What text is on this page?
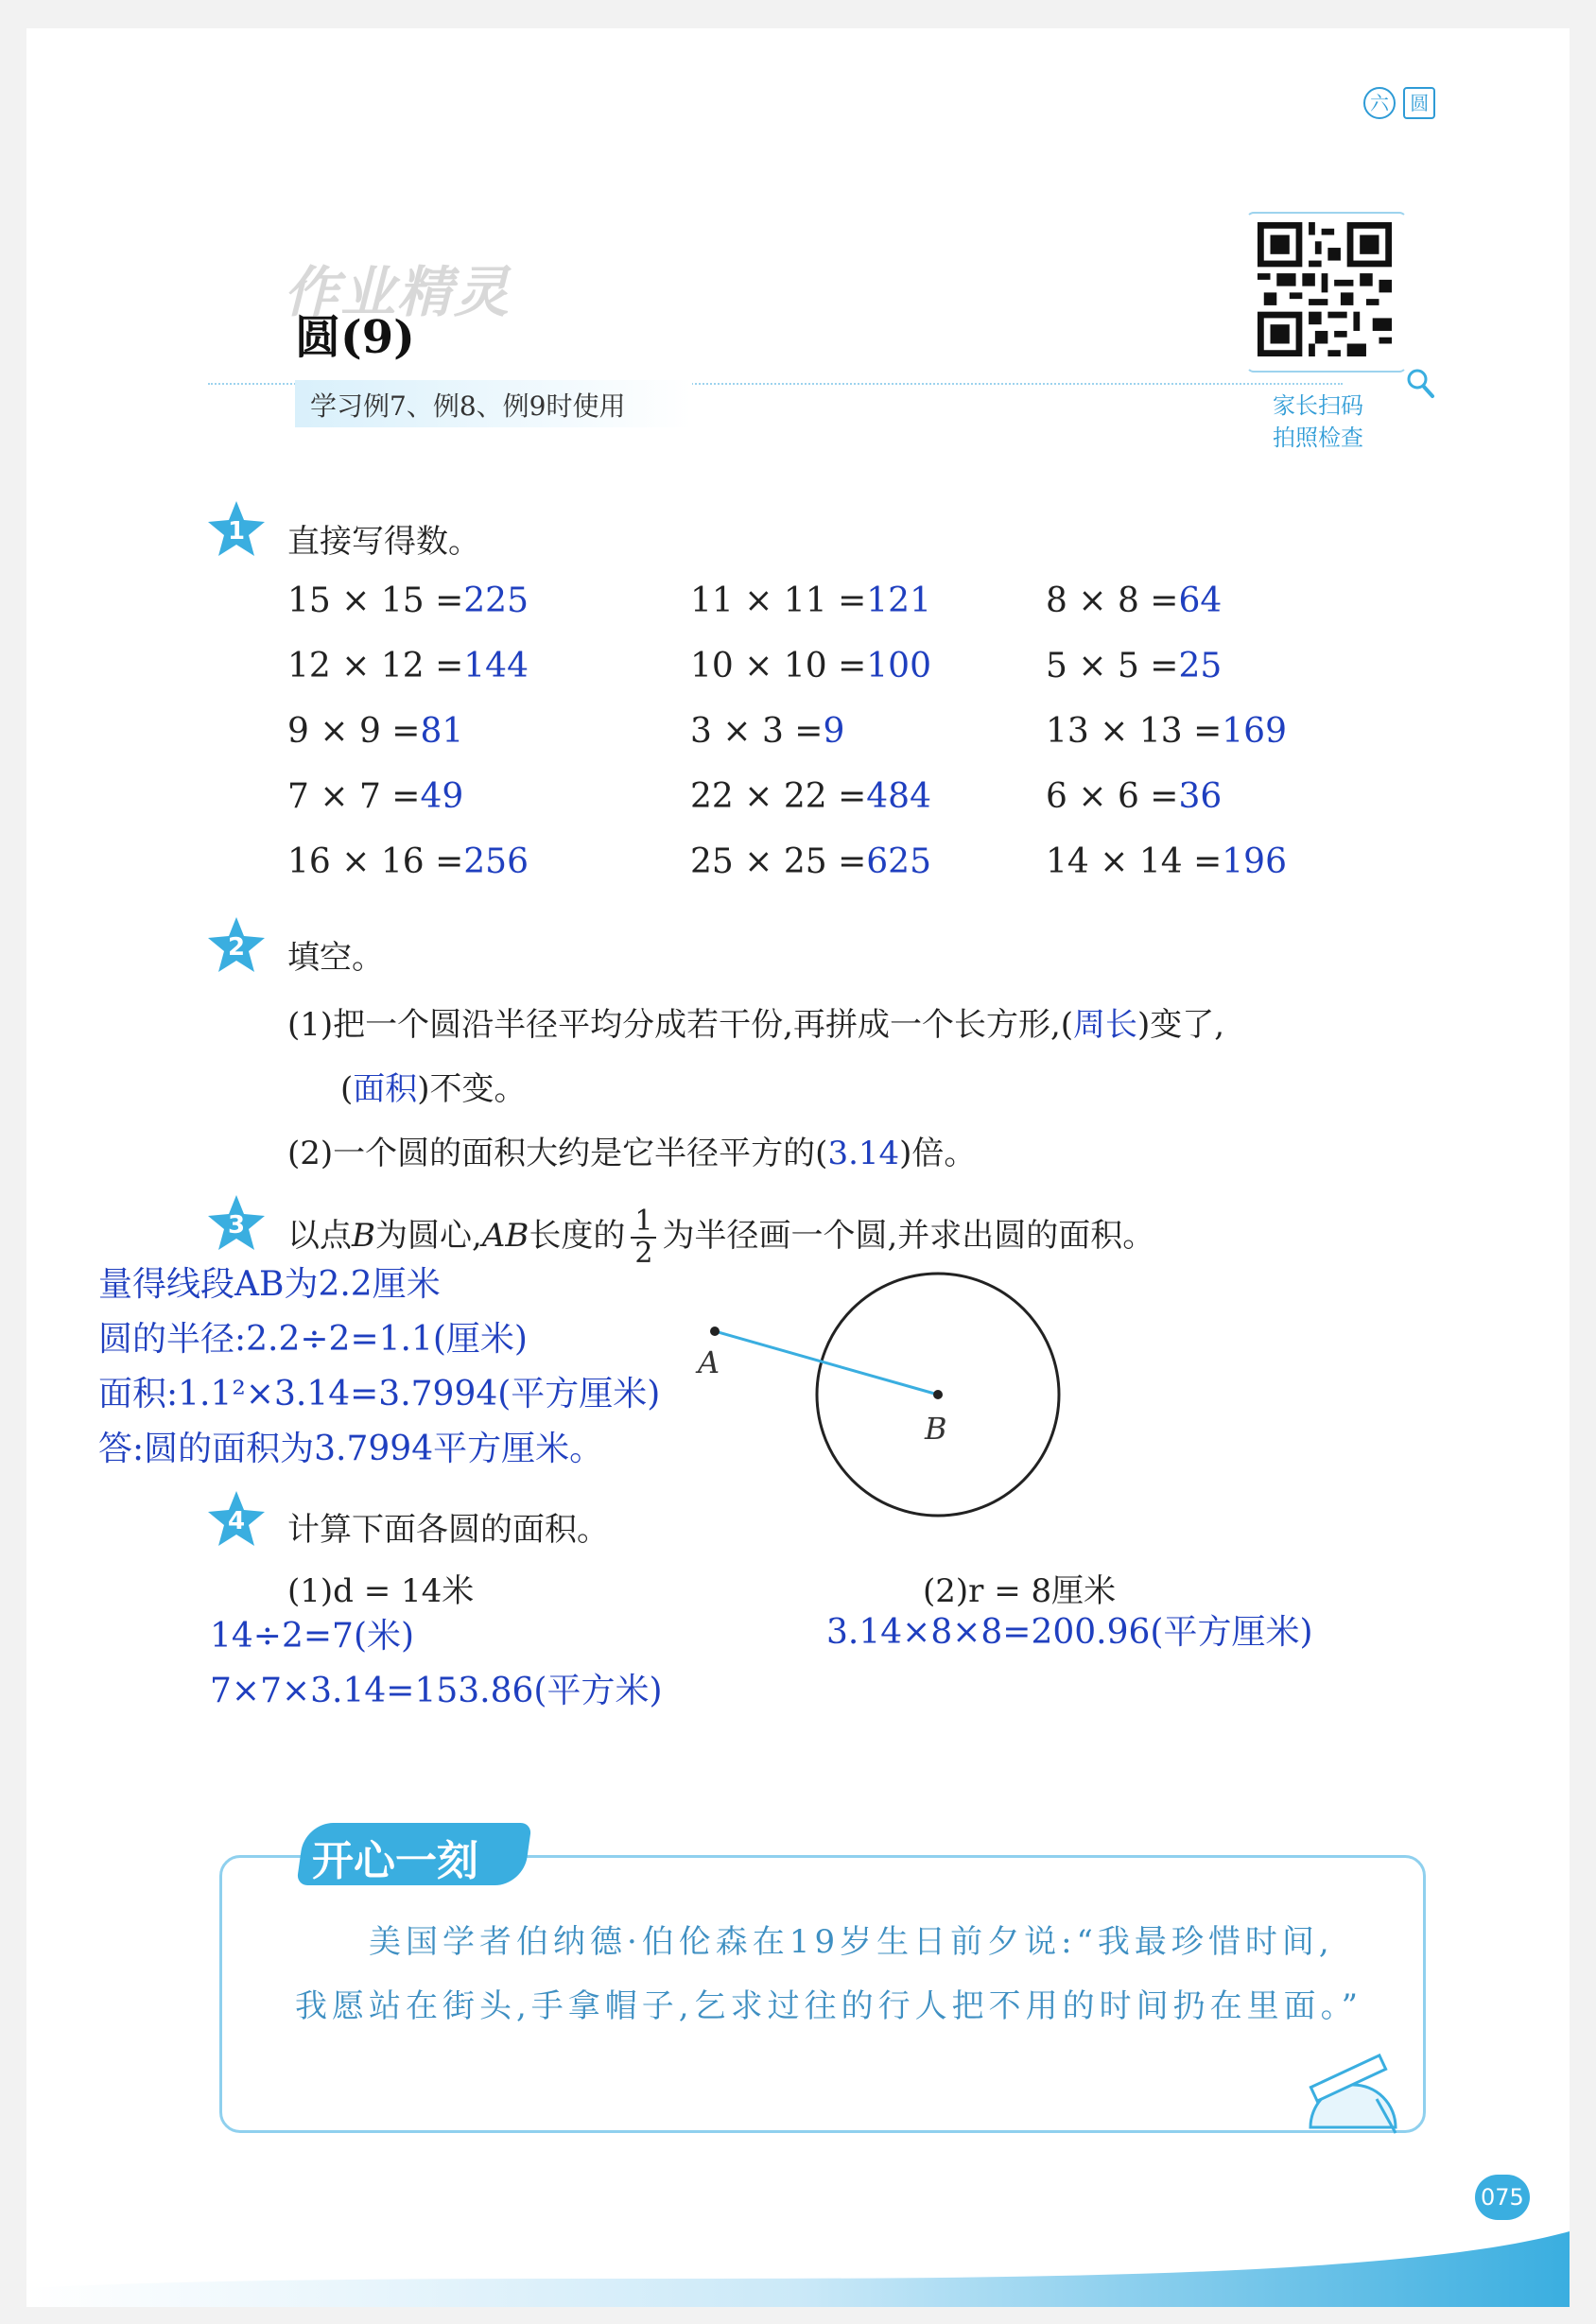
六 圆
作业精灵
圆(9)
学习例7、例8、例9时使用	家长扫码
拍照检查
1 直接写得数。
15 × 15 =225	11 × 11 =121	8 × 8 =64
12 × 12 =144	10 × 10 =100	5 × 5 =25
9 × 9 =81	3 × 3 =9	13 × 13 =169
7 × 7 =49	22 × 22 =484	6 × 6 =36
16 × 16 =256	25 × 25 =625	14 × 14 =196
2 填空。
(1)把一个圆沿半径平均分成若干份,再拼成一个长方形,(周长)变了,
(面积)不变。
(2)一个圆的面积大约是它半径平方的(3.14)倍。
3 以点B为圆心,AB长度的 $\frac{1}{2}$ 为半径画一个圆,并求出圆的面积。
量得线段AB为2.2厘米
圆的半径:2.2÷2=1.1(厘米)
面积:1.1²×3.14=3.7994(平方厘米)
答:圆的面积为3.7994平方厘米。
A
B
4 计算下面各圆的面积。
(1)d = 14米	(2)r = 8厘米
14÷2=7(米)
7×7×3.14=153.86(平方米)
3.14×8×8=200.96(平方厘米)
开心一刻
美国学者伯纳德·伯伦森在19岁生日前夕说:“我最珍惜时间,我愿站在街头,手拿帽子,乞求过往的行人把不用的时间扔在里面。”
075
